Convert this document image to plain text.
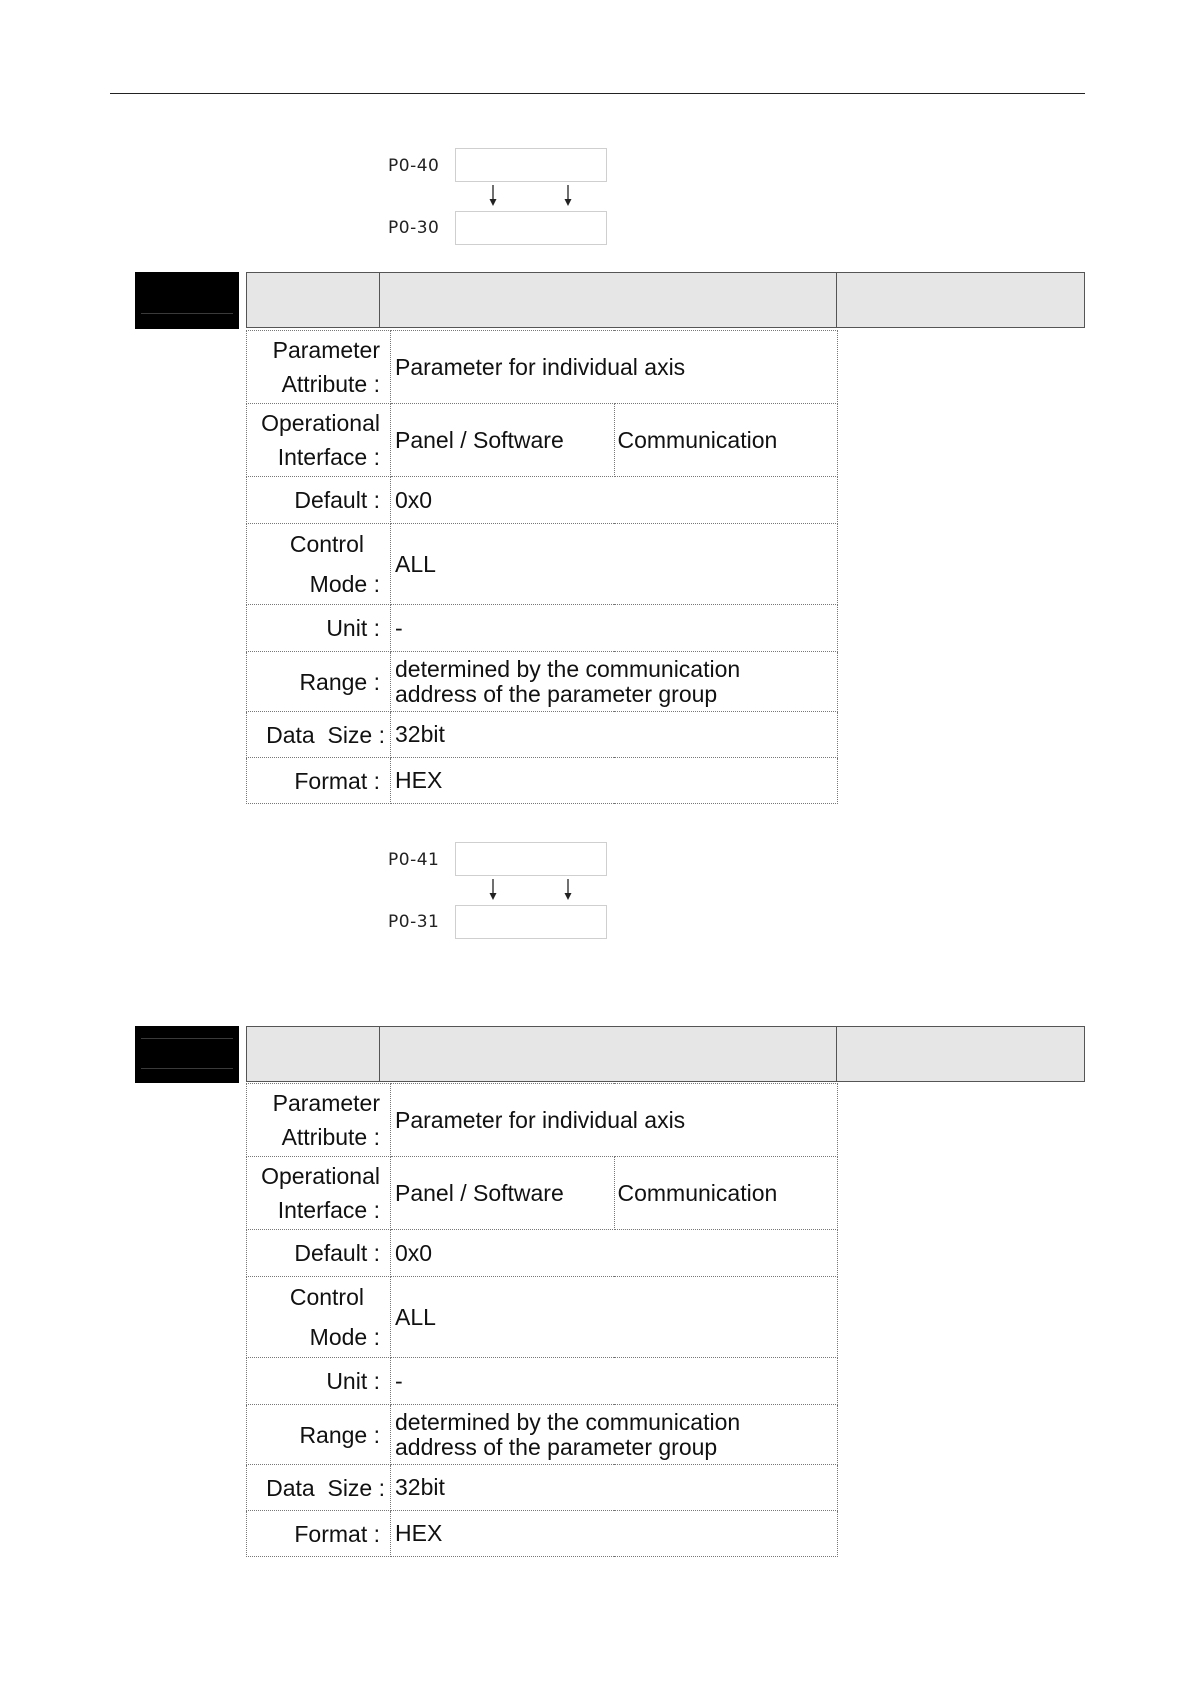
P0-40
P0-30
Parameter
Attribute :	Parameter for individual axis	
Operational
Interface :	Panel / Software	Communication
Default :	0x0	
Control
Mode :	ALL	
Unit :	-	
Range :	determined by the communication
address of the parameter group	
Data  Size :	32bit	
Format :	HEX	
P0-41
P0-31
Parameter
Attribute :	Parameter for individual axis	
Operational
Interface :	Panel / Software	Communication
Default :	0x0	
Control
Mode :	ALL	
Unit :	-	
Range :	determined by the communication
address of the parameter group	
Data  Size :	32bit	
Format :	HEX	
